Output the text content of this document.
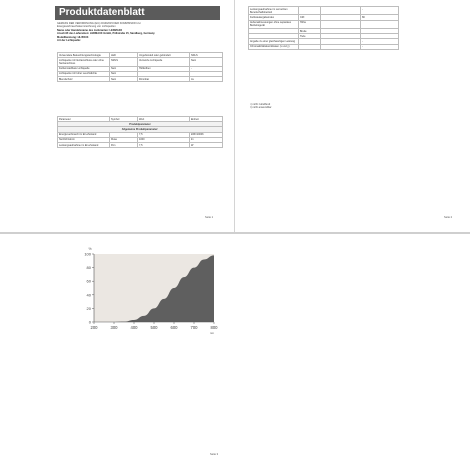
Produktdatenblatt
GEMÄSS DER VERORDNUNG (EU) 2019/2015 DER KOMMISSION zur
Energieverbrauchskennzeichnung von Lichtquellen
Name oder Handelsname des Lieferanten: LEDMAXX
Anschrift des Lieferanten: LEDMAXX GmbH, Pöllstraße 15, Sandberg, Germany
Modellkennung: HL35103
Art der Lichtquelle:
Verwendete Beleuchtungstechnologie	LED	Ungebündelt oder gebündelt	NDLS
Lichtquelle mit Netzanschluss oder ohne Netzanschluss	NMLS	Vernetzte Lichtquelle	Nein
Farbeinstellbare Lichtquelle	Nein	Hüllkolben	-
Lichtquelle mit hoher Leuchtdichte	Nein		
Blendschutz	Nein	Dimmbar	Ja
Parameter	Symbol	Wert	Einheit
Produktparameter			
Allgemeine Produktparameter:			
Energieverbrauch im Ein-Zustand		7,5	kWh/1000h
Nutzlichtstrom	Φuse	1000	lm
Leistungsaufnahme im Ein-Zustand	Pon	7,5	W
Seite 1
Leistungsaufnahme im vernetzten Bereitschaftsbetrieb			-
Farbwiedergabeindex	CRI		80
Außenabmessungen ohne separates Betriebsgerät	Höhe		
	Breite		
	Tiefe		
Angabe zu einer gleichwertigen Leistung			-
Chromatizitätskoordinaten (x und y)			-
¹) nicht zutreffend
²) nicht anwendbar
Seite 2
0
20
40
60
80
100
200	300	400	500	600	700	800
%
nm
Seite 3
